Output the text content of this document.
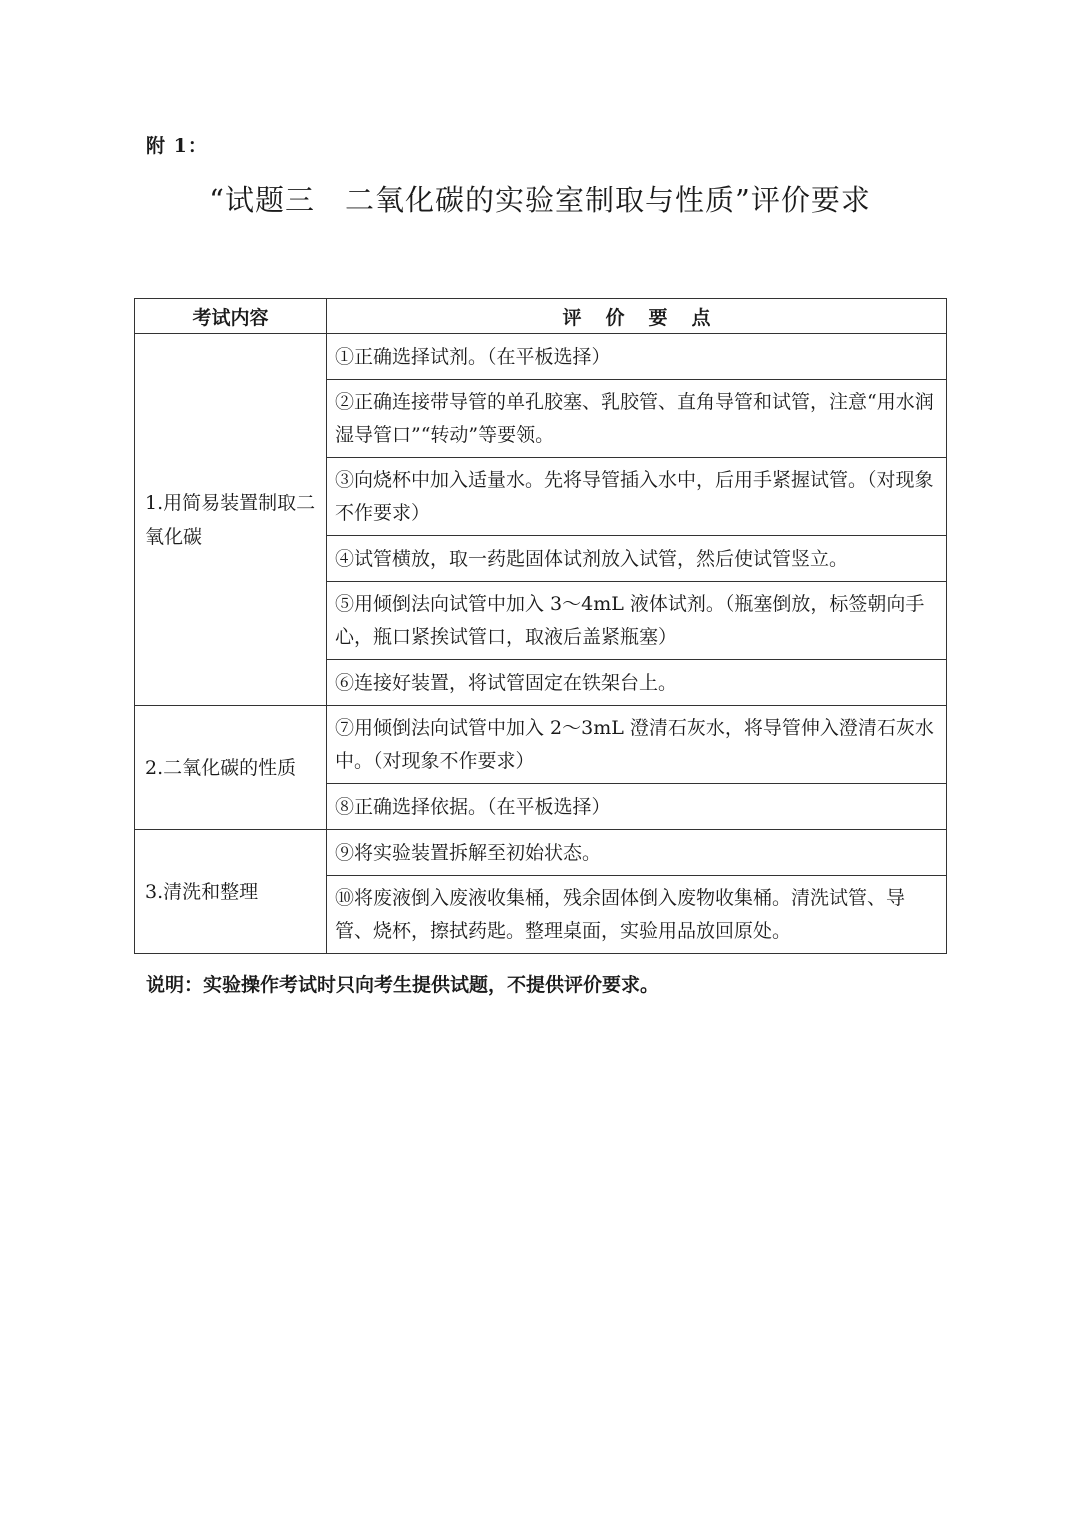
附 1：
“试题三　二氧化碳的实验室制取与性质”评价要求
考试内容	评价要点
1.用简易装置制取二氧化碳	①正确选择试剂。（在平板选择）
	②正确连接带导管的单孔胶塞、乳胶管、直角导管和试管，注意“用水润湿导管口”“转动”等要领。
	③向烧杯中加入适量水。先将导管插入水中，后用手紧握试管。（对现象不作要求）
	④试管横放，取一药匙固体试剂放入试管，然后使试管竖立。
	⑤用倾倒法向试管中加入 3～4mL 液体试剂。（瓶塞倒放，标签朝向手心，瓶口紧挨试管口，取液后盖紧瓶塞）
	⑥连接好装置，将试管固定在铁架台上。
2.二氧化碳的性质	⑦用倾倒法向试管中加入 2～3mL 澄清石灰水，将导管伸入澄清石灰水中。（对现象不作要求）
	⑧正确选择依据。（在平板选择）
3.清洗和整理	⑨将实验装置拆解至初始状态。
	⑩将废液倒入废液收集桶，残余固体倒入废物收集桶。清洗试管、导管、烧杯，擦拭药匙。整理桌面，实验用品放回原处。
说明：实验操作考试时只向考生提供试题，不提供评价要求。
